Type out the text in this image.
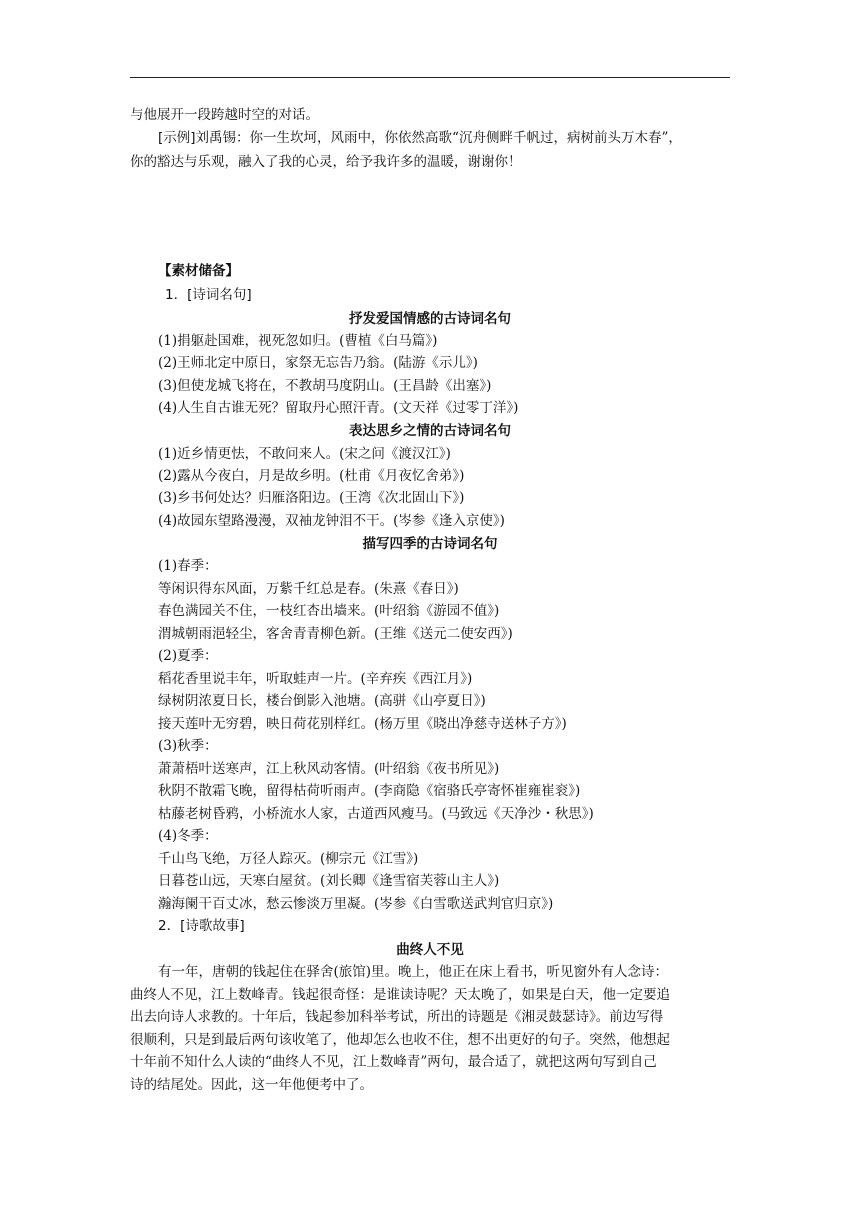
与他展开一段跨越时空的对话。
[示例]刘禹锡：你一生坎坷，风雨中，你依然高歌“沉舟侧畔千帆过，病树前头万木春”，
你的豁达与乐观，融入了我的心灵，给予我许多的温暖，谢谢你！
【素材储备】
1．[诗词名句]
抒发爱国情感的古诗词名句
(1)捐躯赴国难，视死忽如归。(曹植《白马篇》)
(2)王师北定中原日，家祭无忘告乃翁。(陆游《示儿》)
(3)但使龙城飞将在，不教胡马度阴山。(王昌龄《出塞》)
(4)人生自古谁无死？留取丹心照汗青。(文天祥《过零丁洋》)
表达思乡之情的古诗词名句
(1)近乡情更怯，不敢问来人。(宋之问《渡汉江》)
(2)露从今夜白，月是故乡明。(杜甫《月夜忆舍弟》)
(3)乡书何处达？归雁洛阳边。(王湾《次北固山下》)
(4)故园东望路漫漫，双袖龙钟泪不干。(岑参《逢入京使》)
描写四季的古诗词名句
(1)春季：
等闲识得东风面，万紫千红总是春。(朱熹《春日》)
春色满园关不住，一枝红杏出墙来。(叶绍翁《游园不值》)
渭城朝雨浥轻尘，客舍青青柳色新。(王维《送元二使安西》)
(2)夏季：
稻花香里说丰年，听取蛙声一片。(辛弃疾《西江月》)
绿树阴浓夏日长，楼台倒影入池塘。(高骈《山亭夏日》)
接天莲叶无穷碧，映日荷花别样红。(杨万里《晓出净慈寺送林子方》)
(3)秋季：
萧萧梧叶送寒声，江上秋风动客情。(叶绍翁《夜书所见》)
秋阴不散霜飞晚，留得枯荷听雨声。(李商隐《宿骆氏亭寄怀崔雍崔衮》)
枯藤老树昏鸦，小桥流水人家，古道西风瘦马。(马致远《天净沙・秋思》)
(4)冬季：
千山鸟飞绝，万径人踪灭。(柳宗元《江雪》)
日暮苍山远，天寒白屋贫。(刘长卿《逢雪宿芙蓉山主人》)
瀚海阑干百丈冰，愁云惨淡万里凝。(岑参《白雪歌送武判官归京》)
2．[诗歌故事]
曲终人不见
有一年，唐朝的钱起住在驿舍(旅馆)里。晚上，他正在床上看书，听见窗外有人念诗：
曲终人不见，江上数峰青。钱起很奇怪：是谁读诗呢？天太晚了，如果是白天，他一定要追
出去向诗人求教的。十年后，钱起参加科举考试，所出的诗题是《湘灵鼓瑟诗》。前边写得
很顺利，只是到最后两句该收笔了，他却怎么也收不住，想不出更好的句子。突然，他想起
十年前不知什么人读的“曲终人不见，江上数峰青”两句，最合适了，就把这两句写到自己
诗的结尾处。因此，这一年他便考中了。
